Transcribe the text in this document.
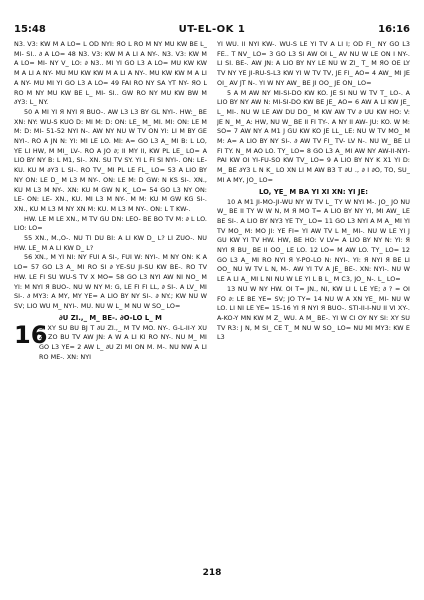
15:48	UT-EL-OK 1	16:16

N3. V3: KW M A LO= L OD NYI: ЯO L RO M NY MU KW BE L_ MI- SI.. ∂ A LO= 48 N3. V3: KW M A LI A NY-. N3. V3: KW M A LO= MI- NY V_ LO: ∂ N3.. MI YI GO L3 A LO= MU KW KW M A LI A NY- MU MU KW KW M A LI A NY-. MU KW KW M A LI A NY- MU MI YI GO L3 A LO= 49 FAI RO NY SA YT NY- ЯO L RO M NY MU KW BE L_ MI- SI.. GW RO NY MU KW BW M ∂Y3: L_ NY.

50 A MI YI Я NYI Я BUO-. AW L3 L3 BY GL NYI-. HW:_ BE XN: NY: WU-S KUO D: MI M: D: ON: LE_ M_ MI. MI: ON: LE M M: D: MI- 51-52 NYI N-. AW NY NU W TV ON YI: LI M BY GE NYI-. RO A JN N: YI: MI LE LO. MI: A= GO L3 A_ MI B: L LO, YE LI HW, M MI_ LV-. RO A JO ∂; II MY II, KW PL LE_ LO= A LIO BY NY B: L M1, SI-. XN. SU TV SY. YI L FI SI NYI-. ON: LE- KU. KU M ∂Y3 L SI-. RO TV_ MI PL LE FL_ LO= 53 A LIO BY NY ON: LE D_ M L3 M NY-. ON: LE M: D GW: N KS SI-. XN., KU M L3 M NY-. XN: KU M GW N K_ LO= 54 GO L3 NY ON: LE- ON: LE- XN., KU. MI L3 M NY-. M M: KU M GW KG SI-. XN., KU M L3 M NY XN M: KU. M L3 M NY-. ON: L T KW-.

HW. LE M LE XN., M TV GU DN: LEO- BE BO TV M: ∂ L LO. LIO: LO=

55 XN., M.,O-. NU TI DU ВI: A LI KW D_ L? LI ZUO-. NU HW. LE_ M A LI KW D_ L?

56 XN., M YI NI: NY FUI A SI-, FUI W: NYI-. M NY ON: K A LO= 57 GO L3 A_ MI RO SI ∂ YE-SU JI-SU KW BE-. RO TV HW. LE FI SU WU-S TV X MO= 58 GO L3 NYI AW NI NO_ M YI: M NYI Я BUO-. NU W NY M: G, LE FI FI LL, ∂ SI-. A LV_ MI SI-. ∂ MY3: A MY, MY YE= A LIO BY NY SI-. ∂ NY.; KW NU W SV; LIO WU M_ NYI-. MU. NU W L_ M NU W SO_ LO=

∂U ZI.,_ M_ BE-. ∂O-LO L_ M
16
SI XY SU BU BJ T ∂U ZI.,_ M TV MO. NY-. G-L-II-Y XU ZI ZO BU TV AW JN: A W A LI KI RO NY-. NU M_ MI GO L3 YE= 2 AW L_ ∂U ZI MI ON M. M-. NU NW A LI RO ME-. XN: NYI

YI WU. II NYI KW-. WU-S LE YI TV A LI I; OD FI_ NY GO L3 FE.. T NV_ LO= 3 GO L3 SI AW OI L_ AV NU W LE ON I NY-. LI SI. BE-. AW JN: A LIO BY NY LE NU W ZI_ T_ M ЯO OE LY TV NY YE JI-RU-S-L3 KW YI W TV TV, JE FI_ AO= 4 AW_ MI JE OI_ AV JT N-. YI W NY AW_ BE JI OO_ JE ON_ LO=

5 A M AW NY MI-SI-DO KW KO. JE SI NU W TV T_ LO-. A LIO BY NY AW N: MI-SI-DO KW BE JE_ AO= 6 AW A LI KW JE_ L_ MI-. NU W LE AW DU DO_ M KW AW TV ∂ UU KW HO: V: JE N_ M_ A: HW, NU W_ BE II FI TY-. A NY II AW- JU: KO. W M: SO= 7 AW NY A M1 J GU KW KO JE LL_ LE: NU W TV MO_ M M: A= A LIO BY NY SI-. ∂ AW TV FI_ TV- LV N-. NU W_ BE LI FI TY. N_ M AO LO. TY_ LO= 8 GO L3 A_ MI AW NY AW-II-NYI-PAI KW OI YI-FU-SO KW TV_ LO= 9 A LIO BY NY K X1 YI D: M_ BE ∂Y3 L N K_ LO XN LI M AW B3 T ∂U ., ∂ I ∂O, TO, SU_ MI A MY, JO_ LO=

LO, YE_ M BA YI XI XN: YI JE:

10 A M1 JI-MO-JI-WU NY W TV L_ TY W NYI M-. JO_ JO NU W_ BE II TY W W N, M Я MO T= A LIO BY NY YI, MI AW_ LE BE SI-. A LIO BY NY3 YE TY_ LO= 11 GO L3 NYI A M A_ MI YI TV MO_ M: MO JI: YE FI= YI AW TV L M_ MI-. NU W LE YI J GU KW YI TV HW. HW, BE HO: V LV= A LIO BY NY N: YI: Я NYI Я BU_ BE II OO_ LE LO. 12 LO= M AW LO. TY_ LO= 12 GO L3 A_ MI RO NYI Я Y-PO-LO N: NYI-. YI: Я NYI Я BE LI OO_ NU W TV L N, M-. AW YI TV A JE_ BE-. XN: NYI-. NU W LE A LI A_ MI L NI NU W LE YI L B L_ M C3, JO_ N-. L_ LO=

13 NU W NY HW. OI T= JN., NI, KW LI L LE YE; ∂ ? = OI FO ∂: LE BE YE= SV; JO TY= 14 NU W A XN YE_ MI- NU W LO. LI NI LE YE= 15-16 YI Я NYI Я BUO-. STI-II-I-NU II VI XY-. A-KO-Y MN KW M Z_ WU. A M_ BE-. YI W CI OY NY SI: XY SU TV R3: J N, M SI_ CE T_ M NU W SO_ LO= NU MI MY3: KW E L3

218
